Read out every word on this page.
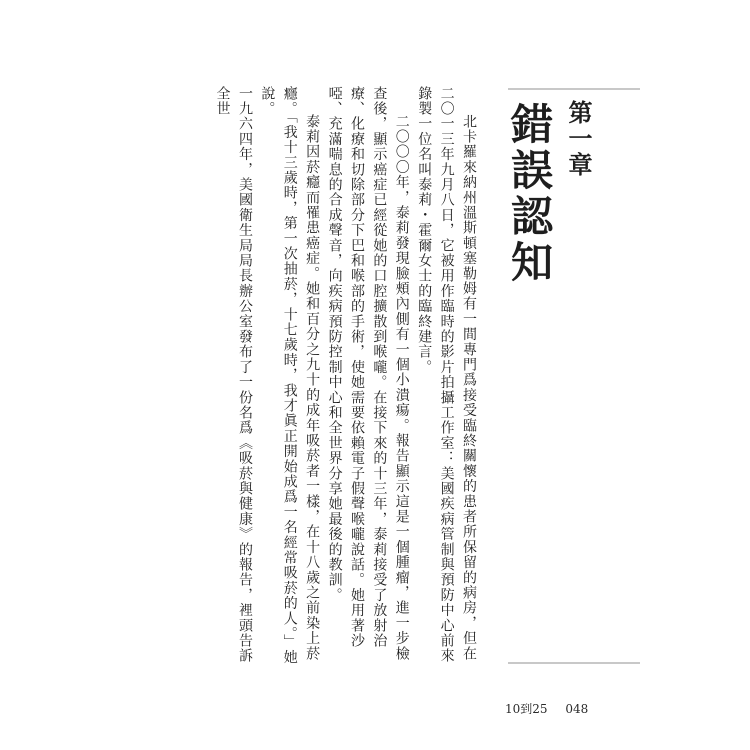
第一章
錯誤認知

北卡羅來納州溫斯頓塞勒姆有一間專門爲接受臨終關懷的患者所保留的病房，但在二〇一三年九月八日，它被用作臨時的影片拍攝工作室：美國疾病管制與預防中心前來錄製一位名叫泰莉・霍爾女士的臨終建言。

二〇〇〇年，泰莉發現臉頰內側有一個小潰瘍。報告顯示這是一個腫瘤，進一步檢查後，顯示癌症已經從她的口腔擴散到喉嚨。在接下來的十三年，泰莉接受了放射治療、化療和切除部分下巴和喉部的手術，使她需要依賴電子假聲喉嚨說話。她用著沙啞、充滿喘息的合成聲音，向疾病預防控制中心和全世界分享她最後的教訓。

泰莉因菸癮而罹患癌症。她和百分之九十的成年吸菸者一樣，在十八歲之前染上菸癮。「我十三歲時，第一次抽菸，十七歲時，我才眞正開始成爲一名經常吸菸的人。」她說。

一九六四年，美國衛生局局長辦公室發布了一份名爲《吸菸與健康》的報告，裡頭告訴全世

10到25 048
